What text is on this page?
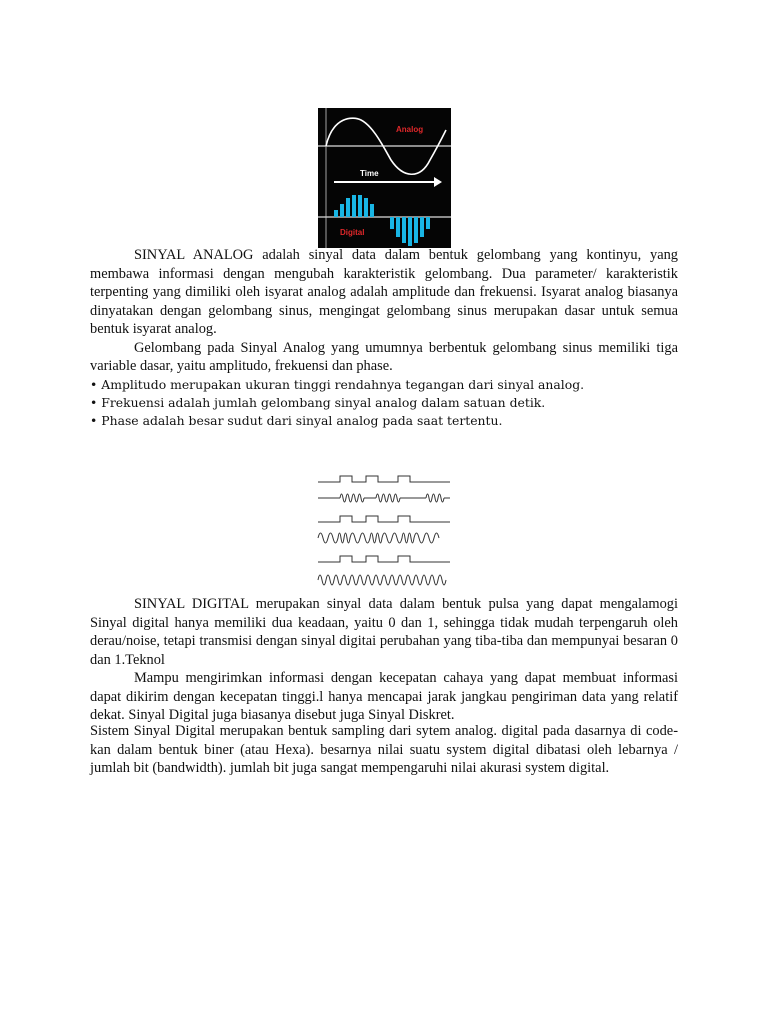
Analog
Time
Digital

SINYAL ANALOG adalah sinyal data dalam bentuk gelombang yang kontinyu, yang membawa informasi dengan mengubah karakteristik gelombang. Dua parameter/ karakteristik terpenting yang dimiliki oleh isyarat analog adalah amplitude dan frekuensi. Isyarat analog biasanya dinyatakan dengan gelombang sinus, mengingat gelombang sinus merupakan dasar untuk semua bentuk isyarat analog.

Gelombang pada Sinyal Analog yang umumnya berbentuk gelombang sinus memiliki tiga variable dasar, yaitu amplitudo, frekuensi dan phase.

• Amplitudo merupakan ukuran tinggi rendahnya tegangan dari sinyal analog.
• Frekuensi adalah jumlah gelombang sinyal analog dalam satuan detik.
• Phase adalah besar sudut dari sinyal analog pada saat tertentu.

SINYAL DIGITAL merupakan sinyal data dalam bentuk pulsa yang dapat mengalamogi Sinyal digital hanya memiliki dua keadaan, yaitu 0 dan 1, sehingga tidak mudah terpengaruh oleh derau/noise, tetapi transmisi dengan sinyal digitai perubahan yang tiba-tiba dan mempunyai besaran 0 dan 1.Teknol

Mampu mengirimkan informasi dengan kecepatan cahaya yang dapat membuat informasi dapat dikirim dengan kecepatan tinggi.l hanya mencapai jarak jangkau pengiriman data yang relatif dekat. Sinyal Digital juga biasanya disebut juga Sinyal Diskret.

Sistem Sinyal Digital merupakan bentuk sampling dari sytem analog. digital pada dasarnya di code-kan dalam bentuk biner (atau Hexa). besarnya nilai suatu system digital dibatasi oleh lebarnya / jumlah bit (bandwidth). jumlah bit juga sangat mempengaruhi nilai akurasi system digital.
